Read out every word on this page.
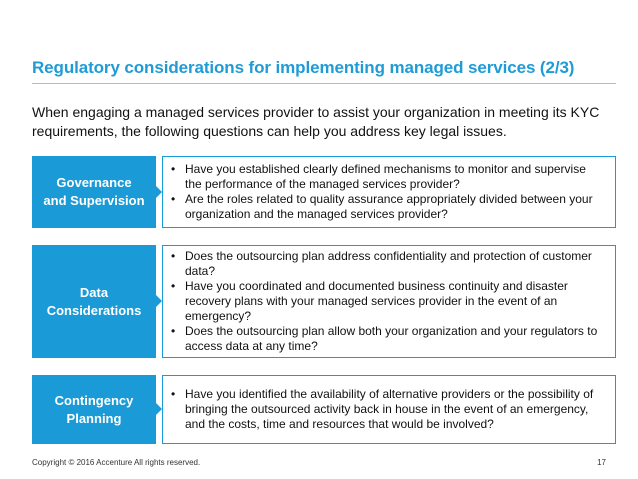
Regulatory considerations for implementing managed services (2/3)
When engaging a managed services provider to assist your organization in meeting its KYC requirements, the following questions can help you address key legal issues.
Governance
and Supervision
• Have you established clearly defined mechanisms to monitor and supervise the performance of the managed services provider?
• Are the roles related to quality assurance appropriately divided between your organization and the managed services provider?
Data
Considerations
• Does the outsourcing plan address confidentiality and protection of customer data?
• Have you coordinated and documented business continuity and disaster recovery plans with your managed services provider in the event of an emergency?
• Does the outsourcing plan allow both your organization and your regulators to access data at any time?
Contingency
Planning
• Have you identified the availability of alternative providers or the possibility of bringing the outsourced activity back in house in the event of an emergency, and the costs, time and resources that would be involved?
Copyright © 2016 Accenture All rights reserved.	17
